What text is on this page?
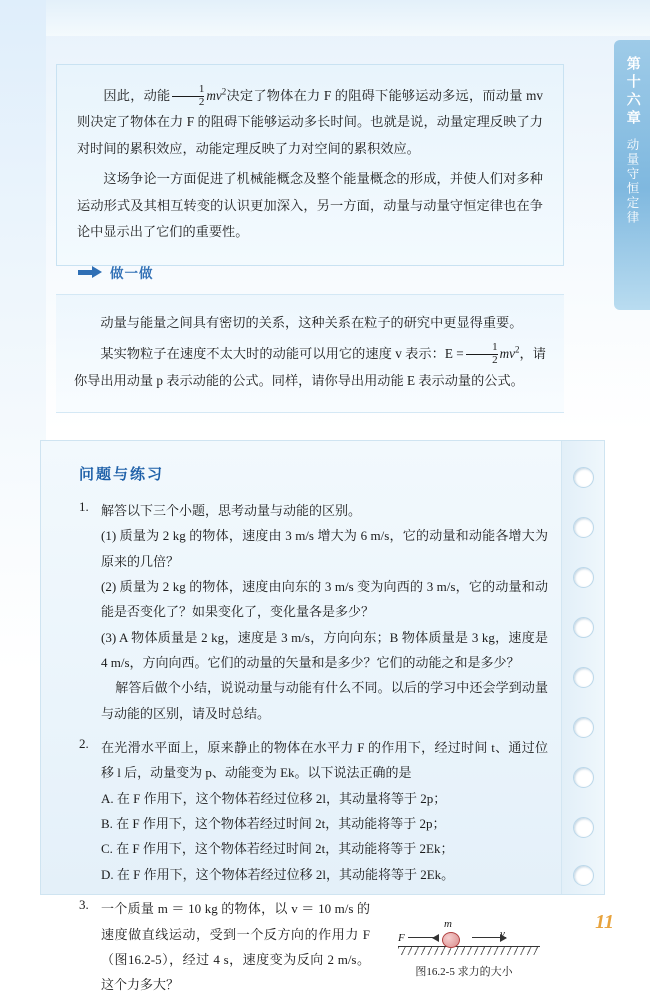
第十六章
动量守恒定律

因此，动能 $\frac{1}{2} mv^2$决定了物体在力 F 的阻碍下能够运动多远，而动量 mv 则决定了物体在力 F 的阻碍下能够运动多长时间。也就是说，动量定理反映了力对时间的累积效应，动能定理反映了力对空间的累积效应。

这场争论一方面促进了机械能概念及整个能量概念的形成，并使人们对多种运动形式及其相互转变的认识更加深入，另一方面，动量与动量守恒定律也在争论中显示出了它们的重要性。

做一做

动量与能量之间具有密切的关系，这种关系在粒子的研究中更显得重要。

某实物粒子在速度不太大时的动能可以用它的速度 v 表示：$E = \frac{1}{2} mv^2$，请你导出用动量 p 表示动能的公式。同样，请你导出用动能 E 表示动量的公式。

问题与练习
1. 解答以下三个小题，思考动量与动能的区别。

(1) 质量为 2 kg 的物体，速度由 3 m/s 增大为 6 m/s，它的动量和动能各增大为原来的几倍？

(2) 质量为 2 kg 的物体，速度由向东的 3 m/s 变为向西的 3 m/s，它的动量和动能是否变化了？如果变化了，变化量各是多少？

(3) A 物体质量是 2 kg，速度是 3 m/s，方向向东；B 物体质量是 3 kg，速度是 4 m/s，方向向西。它们的动量的矢量和是多少？它们的动能之和是多少？

解答后做个小结，说说动量与动能有什么不同。以后的学习中还会学到动量与动能的区别，请及时总结。

2. 在光滑水平面上，原来静止的物体在水平力 F 的作用下，经过时间 t、通过位移 l 后，动量变为 p、动能变为 Ek。以下说法正确的是

A. 在 F 作用下，这个物体若经过位移 2l，其动量将等于 2p；

B. 在 F 作用下，这个物体若经过时间 2t，其动能将等于 2p；

C. 在 F 作用下，这个物体若经过时间 2t，其动能将等于 2Ek；

D. 在 F 作用下，这个物体若经过位移 2l，其动能将等于 2Ek。

3. 一个质量 m ＝ 10 kg 的物体，以 v ＝ 10 m/s 的速度做直线运动，受到一个反方向的作用力 F（图16.2-5），经过 4 s，速度变为反向 2 m/s。这个力多大？
m
F	v
图16.2-5 求力的大小
11
